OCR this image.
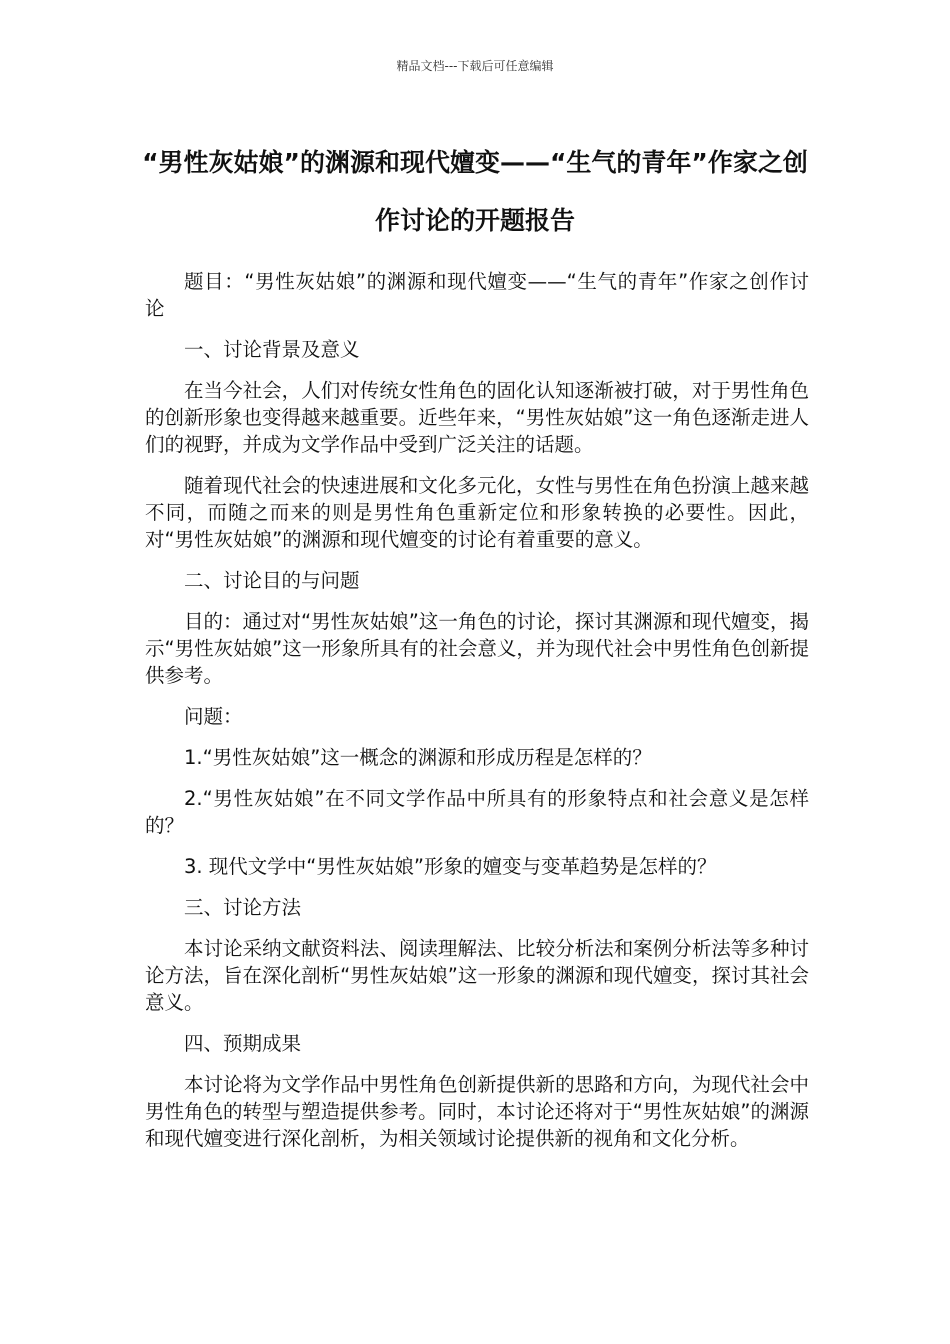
精品文档---下载后可任意编辑
“男性灰姑娘”的渊源和现代嬗变——“生气的青年”作家之创作讨论的开题报告

题目：“男性灰姑娘”的渊源和现代嬗变——“生气的青年”作家之创作讨论

一、讨论背景及意义

在当今社会，人们对传统女性角色的固化认知逐渐被打破，对于男性角色的创新形象也变得越来越重要。近些年来，“男性灰姑娘”这一角色逐渐走进人们的视野，并成为文学作品中受到广泛关注的话题。

随着现代社会的快速进展和文化多元化，女性与男性在角色扮演上越来越不同，而随之而来的则是男性角色重新定位和形象转换的必要性。因此，对“男性灰姑娘”的渊源和现代嬗变的讨论有着重要的意义。

二、讨论目的与问题

目的：通过对“男性灰姑娘”这一角色的讨论，探讨其渊源和现代嬗变，揭示“男性灰姑娘”这一形象所具有的社会意义，并为现代社会中男性角色创新提供参考。

问题：

1.“男性灰姑娘”这一概念的渊源和形成历程是怎样的？

2.“男性灰姑娘”在不同文学作品中所具有的形象特点和社会意义是怎样的？

3. 现代文学中“男性灰姑娘”形象的嬗变与变革趋势是怎样的？

三、讨论方法

本讨论采纳文献资料法、阅读理解法、比较分析法和案例分析法等多种讨论方法，旨在深化剖析“男性灰姑娘”这一形象的渊源和现代嬗变，探讨其社会意义。

四、预期成果

本讨论将为文学作品中男性角色创新提供新的思路和方向，为现代社会中男性角色的转型与塑造提供参考。同时，本讨论还将对于“男性灰姑娘”的渊源和现代嬗变进行深化剖析，为相关领域讨论提供新的视角和文化分析。
